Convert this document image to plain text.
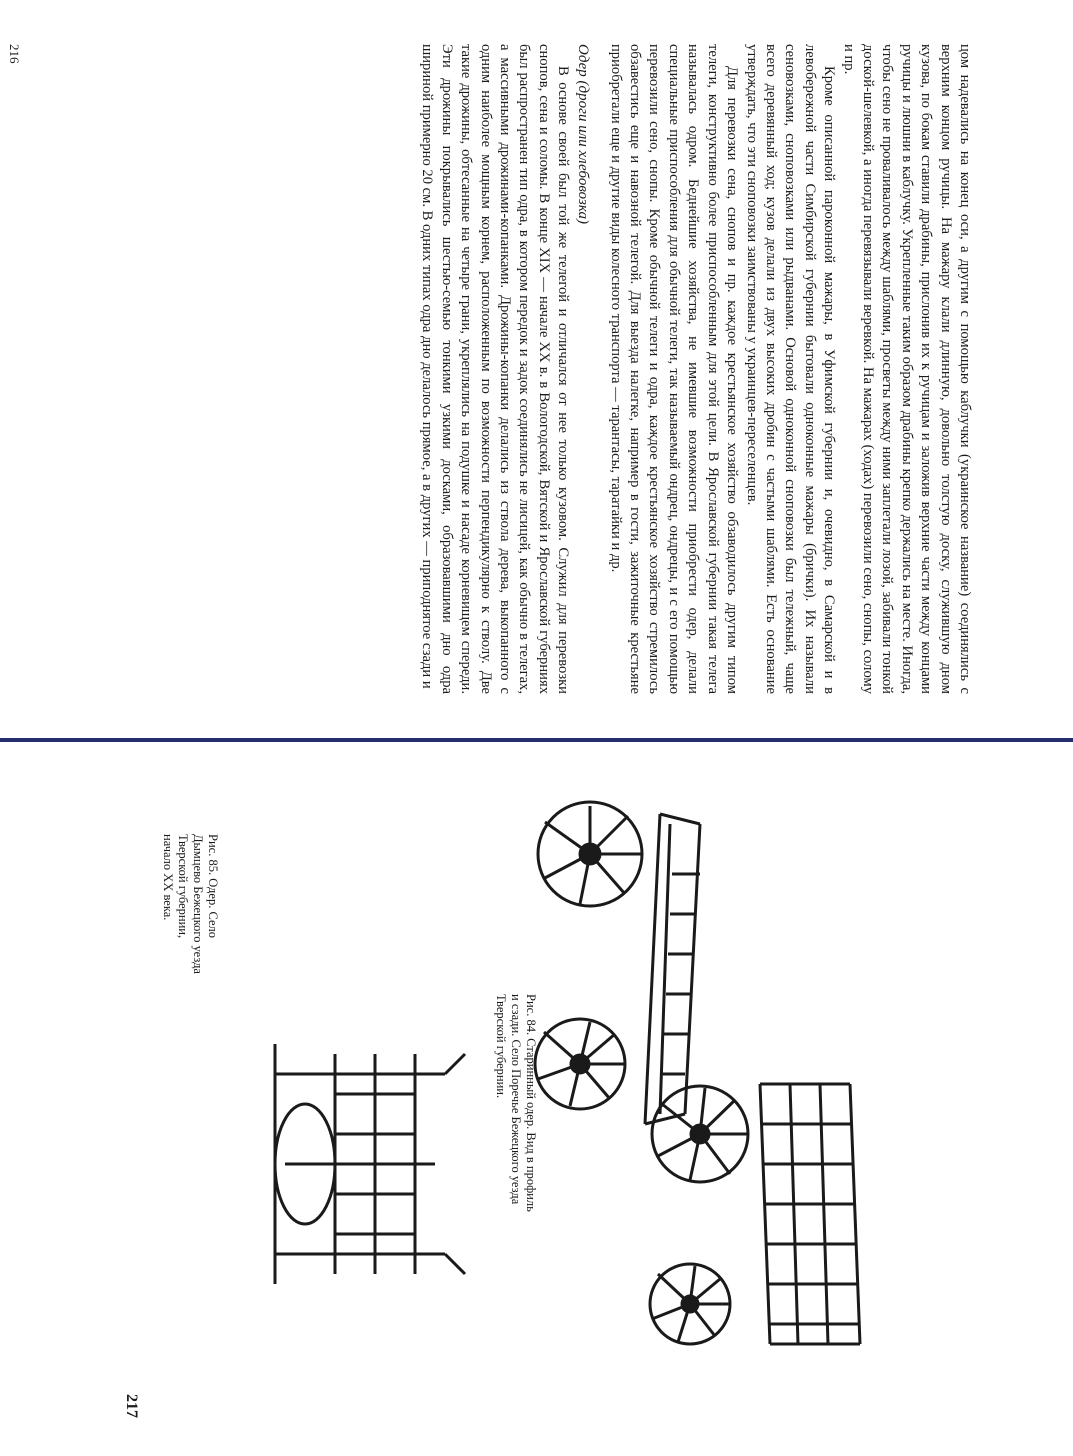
цом надевались на конец оси, а другим с помощью каблучки (украинское название) соединялись с верхним концом ручицы. На мажару клали длинную, довольно толстую доску, служившую дном кузова, по бокам ставили драбины, прислонив их к ручицам и заложив верхние части между концами ручицы и люшни в каблучку. Укрепленные таким образом драбины крепко держались на месте. Иногда, чтобы сено не проваливалось между шаблями, просветы между ними заплетали лозой, забивали тонкой доской-шелевкой, а иногда перевязывали веревкой. На мажарах (ходах) перевозили сено, снопы, солому и пр.

Кроме описанной пароконной мажары, в Уфимской губернии и, очевидно, в Самарской и в левобережной части Симбирской губернии бытовали одноконные мажары (брички). Их называли сеновозками, сноповозками или рыдванами. Основой одноконной сноповозки был тележный, чаще всего деревянный ход; кузов делали из двух высоких дробин с частыми шаблями. Есть основание утверждать, что эти сноповозки заимствованы у украинцев-переселенцев.

Для перевозки сена, снопов и пр. каждое крестьянское хозяйство обзаводилось другим типом телеги, конструктивно более приспособленным для этой цели. В Ярославской губернии такая телега называлась одром. Беднейшие хозяйства, не имевшие возможности приобрести одер, делали специальные приспособления для обычной телеги, так называемый ондрец, ондрецы, и с его помощью перевозили сено, снопы. Кроме обычной телеги и одра, каждое крестьянское хозяйство стремилось обзавестись еще и навозной телегой. Для выезда налегке, например в гости, зажиточные крестьяне приобретали еще и другие виды колесного транспорта — тарантасы, таратайки и др.

Одер (дроги или хлебовозка)

В основе своей был той же телегой и отличался от нее только кузовом. Служил для перевозки снопов, сена и соломы. В конце XIX — начале XX в. в Вологодской, Вятской и Ярославской губерниях был распространен тип одра, в котором передок и задок соединялись не лисицей, как обычно в телегах, а массивными дрожинами-копанками. Дрожины-копанки делались из ствола дерева, выкопанного с одним наиболее мощным корнем, расположенным по возможности перпендикулярно к стволу. Две такие дрожины, обтесанные на четыре грани, укреплялись на подушке и насаде корневищем спереди. Эти дрожины покрывались шестью-семью тонкими узкими досками, образовавшими дно одра шириной примерно 20 см. В одних типах одра дно делалось прямое, а в других — приподнятое сзади и

216

Рис. 84. Старинный одер. Вид в профиль и сзади. Село Поречье Бежецкого уезда Тверской губернии.

Рис. 85. Одер. Село Дымцево Бежецкого уезда Тверской губернии, начало XX века.

217
